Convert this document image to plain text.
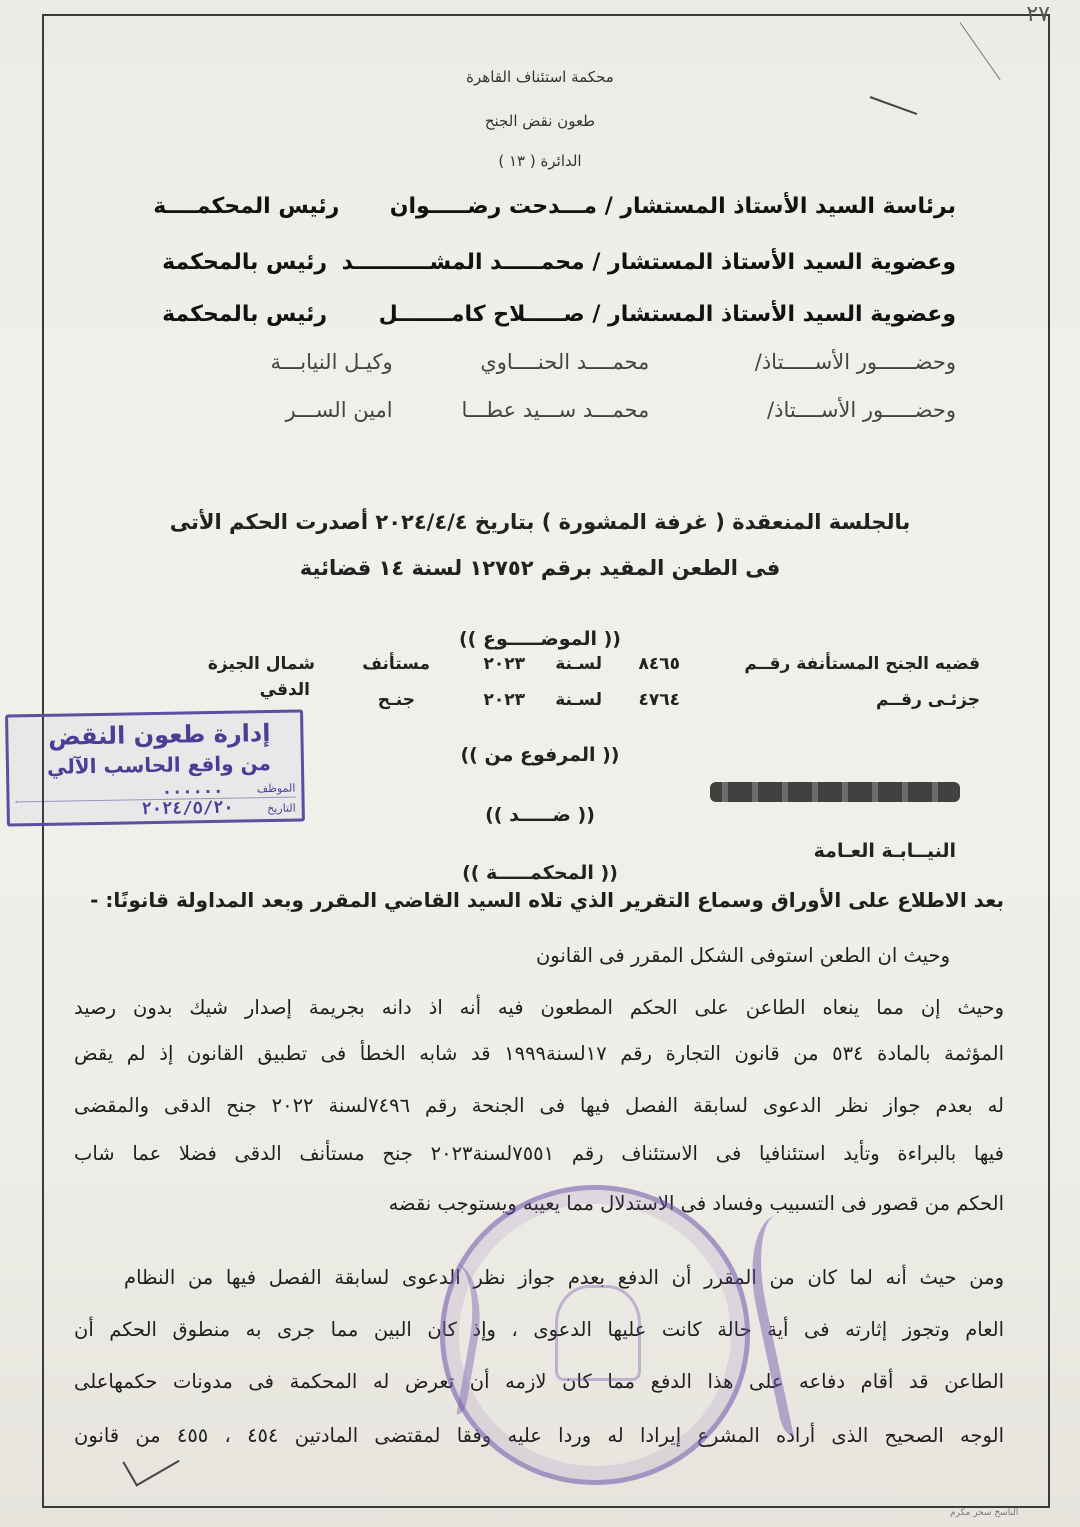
٢٧
محكمة استئناف القاهرة
طعون نقض الجنح
الدائرة ( ١٣ )
برئاسة السيد الأستاذ المستشار / مـــدحت رضـــــوان رئيس المحكمــــة
وعضوية السيد الأستاذ المستشار / محمـــــد المشــــــــــد رئيس بالمحكمة
وعضوية السيد الأستاذ المستشار / صـــــلاح كامـــــــل رئيس بالمحكمة
وحضــــــور الأســـــتاذ/ محمــــد الحنــــاوي وكيـل النيابـــة
وحضـــــور الأســــتاذ/ محمـــد ســـيد عطـــا امين الســـر
بالجلسة المنعقدة ( غرفة المشورة ) بتاريخ ٢٠٢٤/٤/٤ أصدرت الحكم الأتى
فى الطعن المقيد برقم ١٢٧٥٢ لسنة ١٤ قضائية
(( الموضـــــوع ))
قضيه الجنح المستأنفة رقــم
٨٤٦٥
لسـنة
٢٠٢٣
مستأنف
شمال الجيزة
جزئـى رقــم
٤٧٦٤
لسـنة
٢٠٢٣
جنـح
الدقي
(( المرفوع من ))
(( ضـــــد ))
النيــابـة العـامة
(( المحكمـــــة ))
بعد الاطلاع على الأوراق وسماع التقرير الذي تلاه السيد القاضي المقرر وبعد المداولة قانونًا: -
وحيث ان الطعن استوفى الشكل المقرر فى القانون
وحيث إن مما ينعاه الطاعن على الحكم المطعون فيه أنه اذ دانه بجريمة إصدار شيك بدون رصيد
المؤثمة بالمادة ٥٣٤ من قانون التجارة رقم ١٧لسنة١٩٩٩ قد شابه الخطأ فى تطبيق القانون إذ لم يقض
له بعدم جواز نظر الدعوى لسابقة الفصل فيها فى الجنحة رقم ٧٤٩٦لسنة ٢٠٢٢ جنح الدقى والمقضى
فيها بالبراءة وتأيد استئنافيا فى الاستئناف رقم ٧٥٥١لسنة٢٠٢٣ جنح مستأنف الدقى فضلا عما شاب
الحكم من قصور فى التسبيب وفساد فى الاستدلال مما يعيبه ويستوجب نقضه
ومن حيث أنه لما كان من المقرر أن الدفع بعدم جواز نظر الدعوى لسابقة الفصل فيها من النظام
العام وتجوز إثارته فى أية حالة كانت عليها الدعوى ، وإذ كان البين مما جرى به منطوق الحكم أن
الطاعن قد أقام دفاعه على هذا الدفع مما كان لازمه أن تعرض له المحكمة فى مدونات حكمهاعلى
الوجه الصحيح الذى أراده المشرع إيرادا له وردا عليه وفقا لمقتضى المادتين ٤٥٤ ، ٤٥٥ من قانون
إدارة طعون النقض
من واقع الحاسب الآلي
الموظف ......
التاريخ ٢٠٢٤/٥/٢٠
الناسخ سحر مكرم
